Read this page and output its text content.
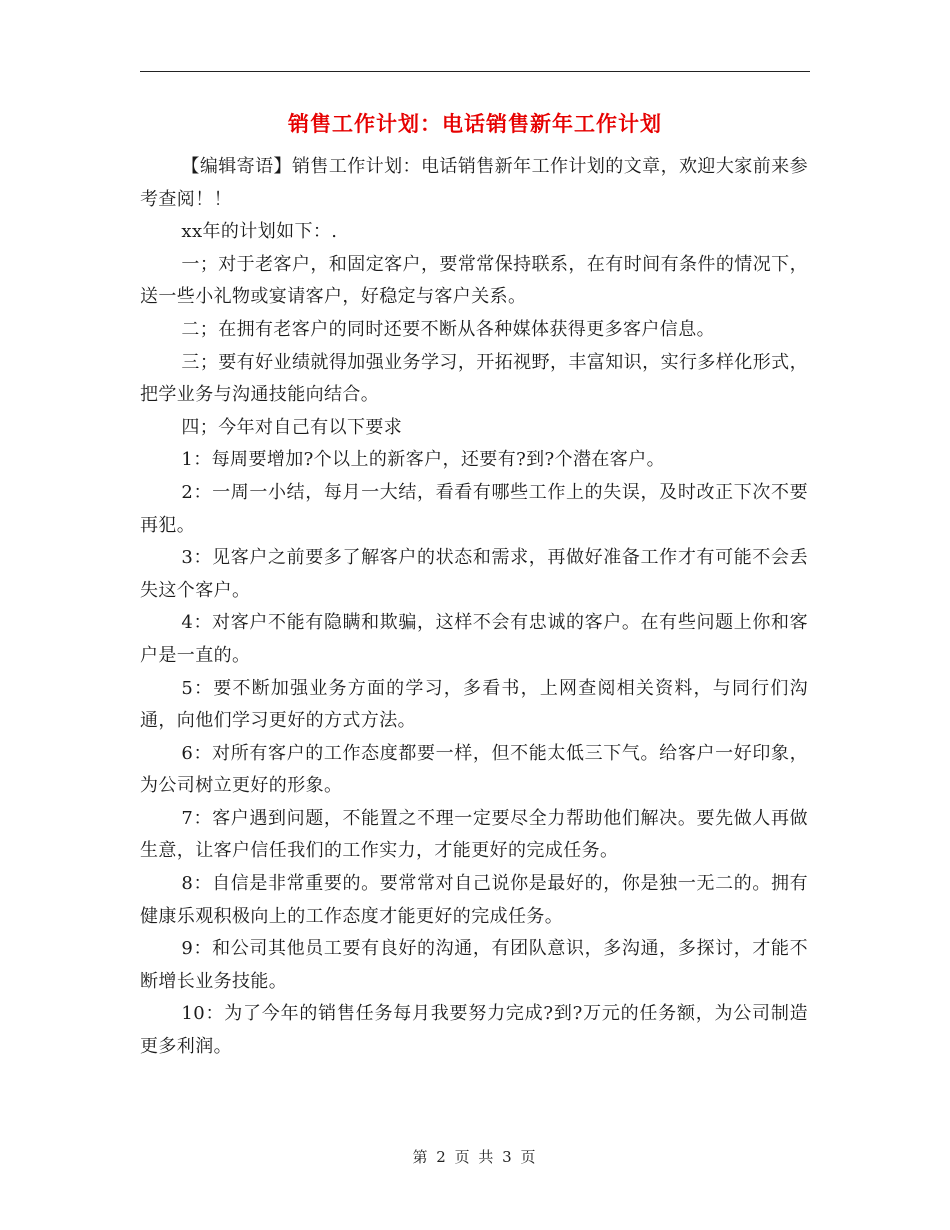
销售工作计划：电话销售新年工作计划

【编辑寄语】销售工作计划：电话销售新年工作计划的文章，欢迎大家前来参考查阅！！

xx年的计划如下：.

一；对于老客户，和固定客户，要常常保持联系，在有时间有条件的情况下，送一些小礼物或宴请客户，好稳定与客户关系。

二；在拥有老客户的同时还要不断从各种媒体获得更多客户信息。

三；要有好业绩就得加强业务学习，开拓视野，丰富知识，实行多样化形式，把学业务与沟通技能向结合。

四；今年对自己有以下要求

1：每周要增加?个以上的新客户，还要有?到?个潜在客户。

2：一周一小结，每月一大结，看看有哪些工作上的失误，及时改正下次不要再犯。

3：见客户之前要多了解客户的状态和需求，再做好准备工作才有可能不会丢失这个客户。

4：对客户不能有隐瞒和欺骗，这样不会有忠诚的客户。在有些问题上你和客户是一直的。

5：要不断加强业务方面的学习，多看书，上网查阅相关资料，与同行们沟通，向他们学习更好的方式方法。

6：对所有客户的工作态度都要一样，但不能太低三下气。给客户一好印象，为公司树立更好的形象。

7：客户遇到问题，不能置之不理一定要尽全力帮助他们解决。要先做人再做生意，让客户信任我们的工作实力，才能更好的完成任务。

8：自信是非常重要的。要常常对自己说你是最好的，你是独一无二的。拥有健康乐观积极向上的工作态度才能更好的完成任务。

9：和公司其他员工要有良好的沟通，有团队意识，多沟通，多探讨，才能不断增长业务技能。

10：为了今年的销售任务每月我要努力完成?到?万元的任务额，为公司制造更多利润。

第 2 页 共 3 页
